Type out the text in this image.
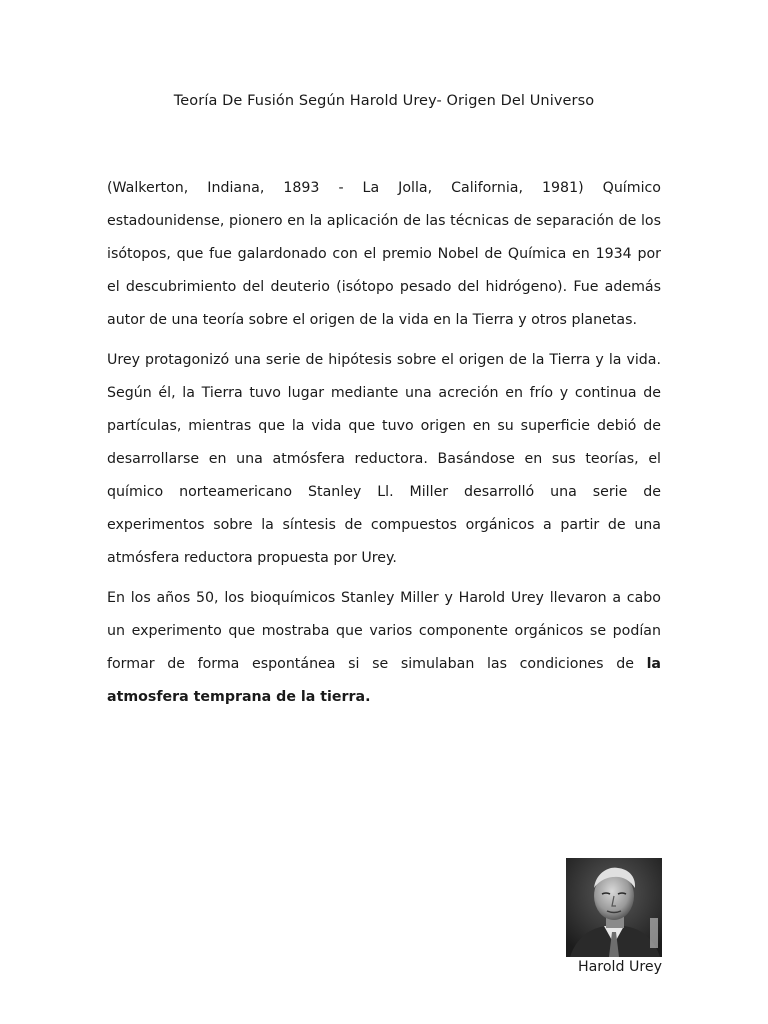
Teoría De Fusión Según Harold Urey- Origen Del Universo

(Walkerton, Indiana, 1893 - La Jolla, California, 1981) Químico estadounidense, pionero en la aplicación de las técnicas de separación de los isótopos, que fue galardonado con el premio Nobel de Química en 1934 por el descubrimiento del deuterio (isótopo pesado del hidrógeno). Fue además autor de una teoría sobre el origen de la vida en la Tierra y otros planetas.

Urey protagonizó una serie de hipótesis sobre el origen de la Tierra y la vida. Según él, la Tierra tuvo lugar mediante una acreción en frío y continua de partículas, mientras que la vida que tuvo origen en su superficie debió de desarrollarse en una atmósfera reductora. Basándose en sus teorías, el químico norteamericano Stanley Ll. Miller desarrolló una serie de experimentos sobre la síntesis de compuestos orgánicos a partir de una atmósfera reductora propuesta por Urey.

En los años 50, los bioquímicos Stanley Miller y Harold Urey llevaron a cabo un experimento que mostraba que varios componente orgánicos se podían formar de forma espontánea si se simulaban las condiciones de la atmosfera temprana de la tierra.

Harold Urey
